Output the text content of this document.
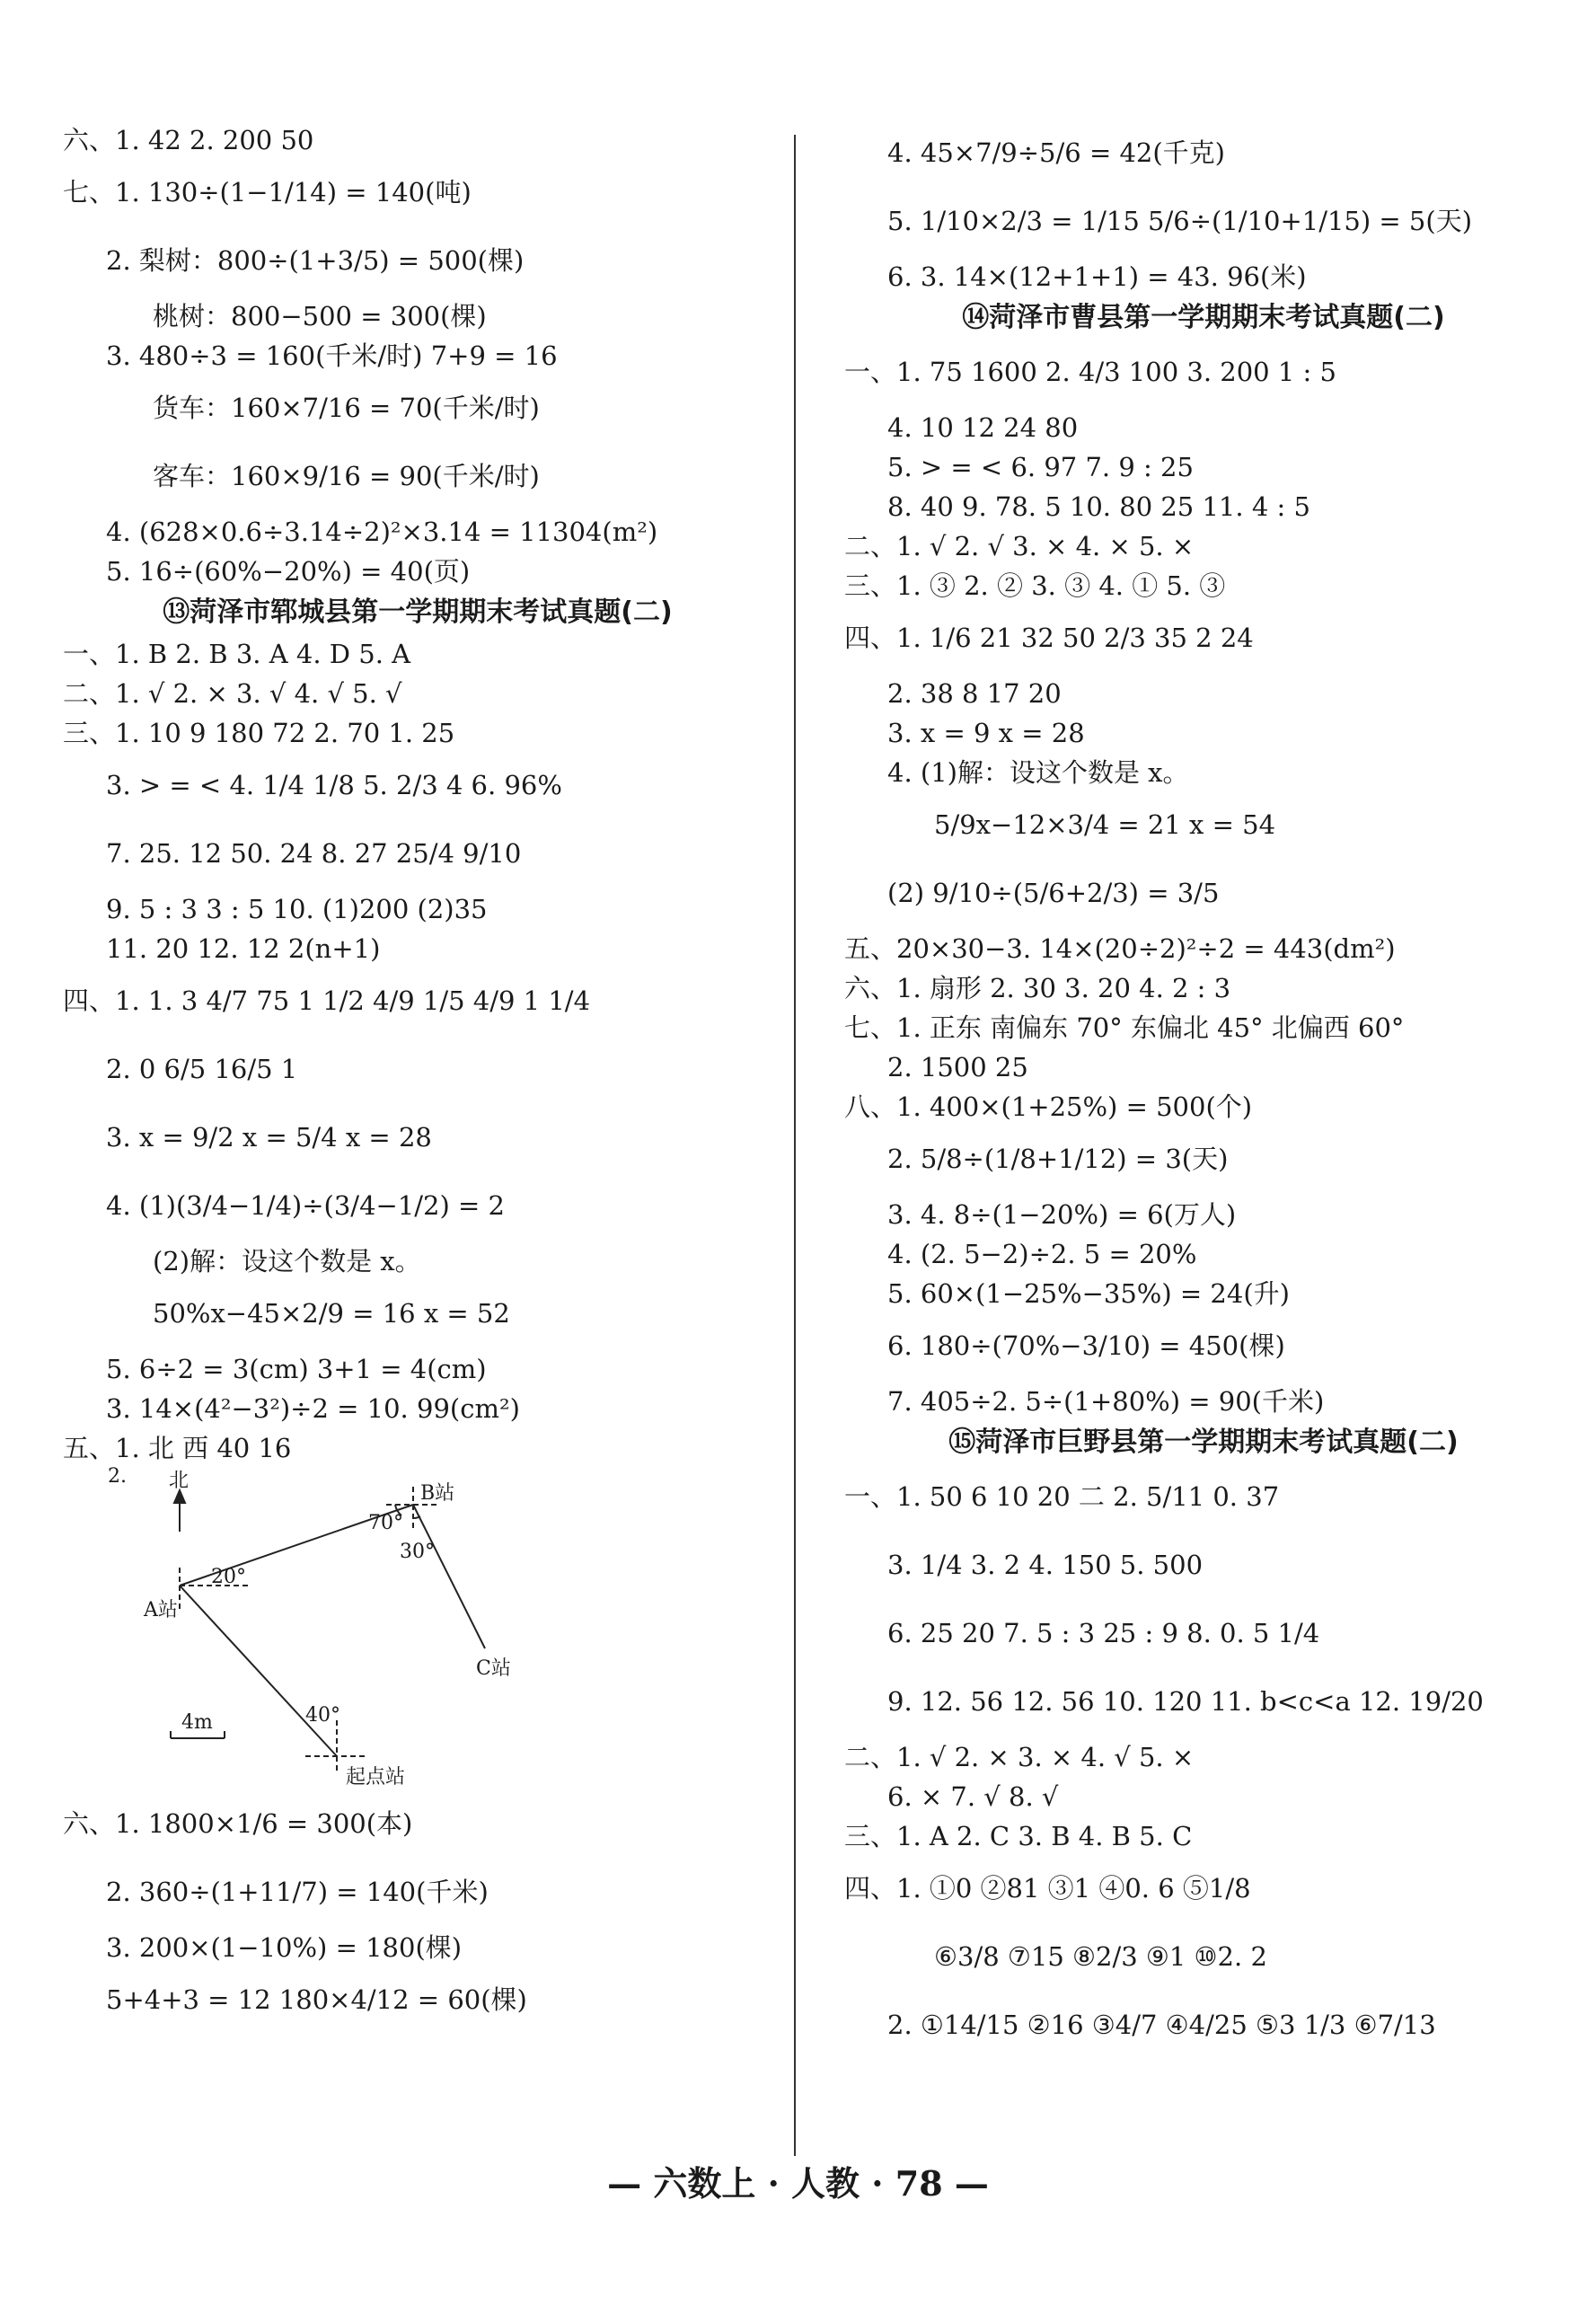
六、1. 42 2. 200 50
七、1. 130÷(1−1/14) = 140(吨)
2. 梨树：800÷(1+3/5) = 500(棵)
桃树：800−500 = 300(棵)
3. 480÷3 = 160(千米/时) 7+9 = 16
货车：160×7/16 = 70(千米/时)
客车：160×9/16 = 90(千米/时)
4. (628×0.6÷3.14÷2)²×3.14 = 11304(m²)
5. 16÷(60%−20%) = 40(页)
⑬菏泽市郓城县第一学期期末考试真题(二)
一、1. B 2. B 3. A 4. D 5. A
二、1. √ 2. × 3. √ 4. √ 5. √
三、1. 10 9 180 72 2. 70 1. 25
3. > = < 4. 1/4 1/8 5. 2/3 4 6. 96%
7. 25. 12 50. 24 8. 27 25/4 9/10
9. 5 : 3 3 : 5 10. (1)200 (2)35
11. 20 12. 12 2(n+1)
四、1. 1. 3 4/7 75 1 1/2 4/9 1/5 4/9 1 1/4
2. 0 6/5 16/5 1
3. x = 9/2 x = 5/4 x = 28
4. (1)(3/4−1/4)÷(3/4−1/2) = 2
(2)解：设这个数是 x。
50%x−45×2/9 = 16 x = 52
5. 6÷2 = 3(cm) 3+1 = 4(cm)
3. 14×(4²−3²)÷2 = 10. 99(cm²)
五、1. 北 西 40 16
北
2.
B站
A站
C站
起点站
70°
30°
20°
40°
4m
六、1. 1800×1/6 = 300(本)
2. 360÷(1+11/7) = 140(千米)
3. 200×(1−10%) = 180(棵)
5+4+3 = 12 180×4/12 = 60(棵)
4. 45×7/9÷5/6 = 42(千克)
5. 1/10×2/3 = 1/15 5/6÷(1/10+1/15) = 5(天)
6. 3. 14×(12+1+1) = 43. 96(米)
⑭菏泽市曹县第一学期期末考试真题(二)
一、1. 75 1600 2. 4/3 100 3. 200 1 : 5
4. 10 12 24 80
5. > = < 6. 97 7. 9 : 25
8. 40 9. 78. 5 10. 80 25 11. 4 : 5
二、1. √ 2. √ 3. × 4. × 5. ×
三、1. ③ 2. ② 3. ③ 4. ① 5. ③
四、1. 1/6 21 32 50 2/3 35 2 24
2. 38 8 17 20
3. x = 9 x = 28
4. (1)解：设这个数是 x。
5/9x−12×3/4 = 21 x = 54
(2) 9/10÷(5/6+2/3) = 3/5
五、20×30−3. 14×(20÷2)²÷2 = 443(dm²)
六、1. 扇形 2. 30 3. 20 4. 2 : 3
七、1. 正东 南偏东 70° 东偏北 45° 北偏西 60°
2. 1500 25
八、1. 400×(1+25%) = 500(个)
2. 5/8÷(1/8+1/12) = 3(天)
3. 4. 8÷(1−20%) = 6(万人)
4. (2. 5−2)÷2. 5 = 20%
5. 60×(1−25%−35%) = 24(升)
6. 180÷(70%−3/10) = 450(棵)
7. 405÷2. 5÷(1+80%) = 90(千米)
⑮菏泽市巨野县第一学期期末考试真题(二)
一、1. 50 6 10 20 二 2. 5/11 0. 37
3. 1/4 3. 2 4. 150 5. 500
6. 25 20 7. 5 : 3 25 : 9 8. 0. 5 1/4
9. 12. 56 12. 56 10. 120 11. b<c<a 12. 19/20
二、1. √ 2. × 3. × 4. √ 5. ×
6. × 7. √ 8. √
三、1. A 2. C 3. B 4. B 5. C
四、1. ①0 ②81 ③1 ④0. 6 ⑤1/8
⑥3/8 ⑦15 ⑧2/3 ⑨1 ⑩2. 2
2. ①14/15 ②16 ③4/7 ④4/25 ⑤3 1/3 ⑥7/13
— 六数上 · 人教 · 78 —
